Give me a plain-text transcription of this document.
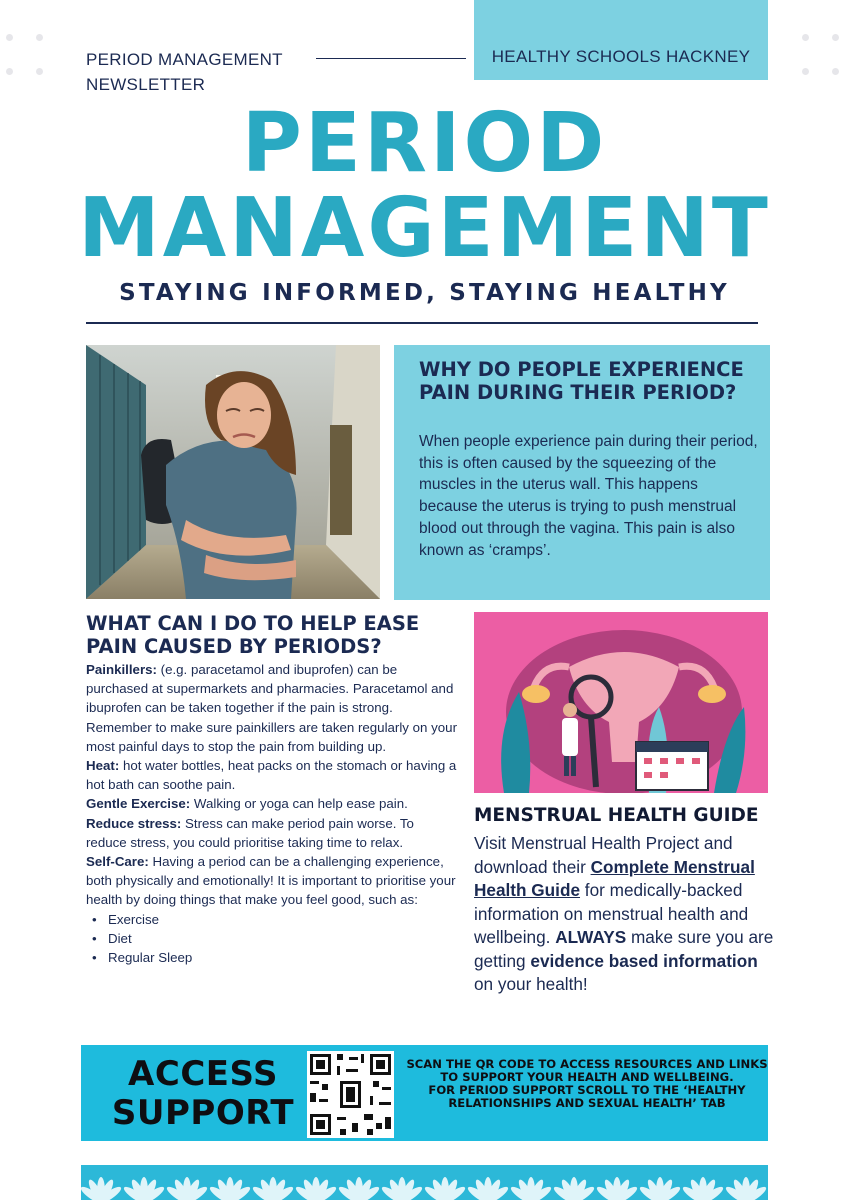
PERIOD MANAGEMENT NEWSLETTER
HEALTHY SCHOOLS HACKNEY
PERIOD
MANAGEMENT
STAYING INFORMED, STAYING HEALTHY
WHY DO PEOPLE EXPERIENCE PAIN DURING THEIR PERIOD?
When people experience pain during their period, this is often caused by the squeezing of the muscles in the uterus wall. This happens because the uterus is trying to push menstrual blood out through the vagina. This pain is also known as ‘cramps’.
WHAT CAN I DO TO HELP EASE PAIN CAUSED BY PERIODS?

Painkillers: (e.g. paracetamol and ibuprofen) can be purchased at supermarkets and pharmacies. Paracetamol and ibuprofen can be taken together if the pain is strong. Remember to make sure painkillers are taken regularly on your most painful days to stop the pain from building up.

Heat: hot water bottles, heat packs on the stomach or having a hot bath can soothe pain.

Gentle Exercise: Walking or yoga can help ease pain.

Reduce stress: Stress can make period pain worse. To reduce stress, you could prioritise taking time to relax.

Self-Care: Having a period can be a challenging experience, both physically and emotionally! It is important to prioritise your health by doing things that make you feel good, such as:

• Exercise
• Diet
• Regular Sleep
MENSTRUAL HEALTH GUIDE
Visit Menstrual Health Project and download their Complete Menstrual Health Guide for medically-backed information on menstrual health and wellbeing. ALWAYS make sure you are getting evidence based information on your health!
ACCESS SUPPORT
SCAN THE QR CODE TO ACCESS RESOURCES AND LINKS TO SUPPORT YOUR HEALTH AND WELLBEING.
FOR PERIOD SUPPORT SCROLL TO THE ‘HEALTHY RELATIONSHIPS AND SEXUAL HEALTH’ TAB
